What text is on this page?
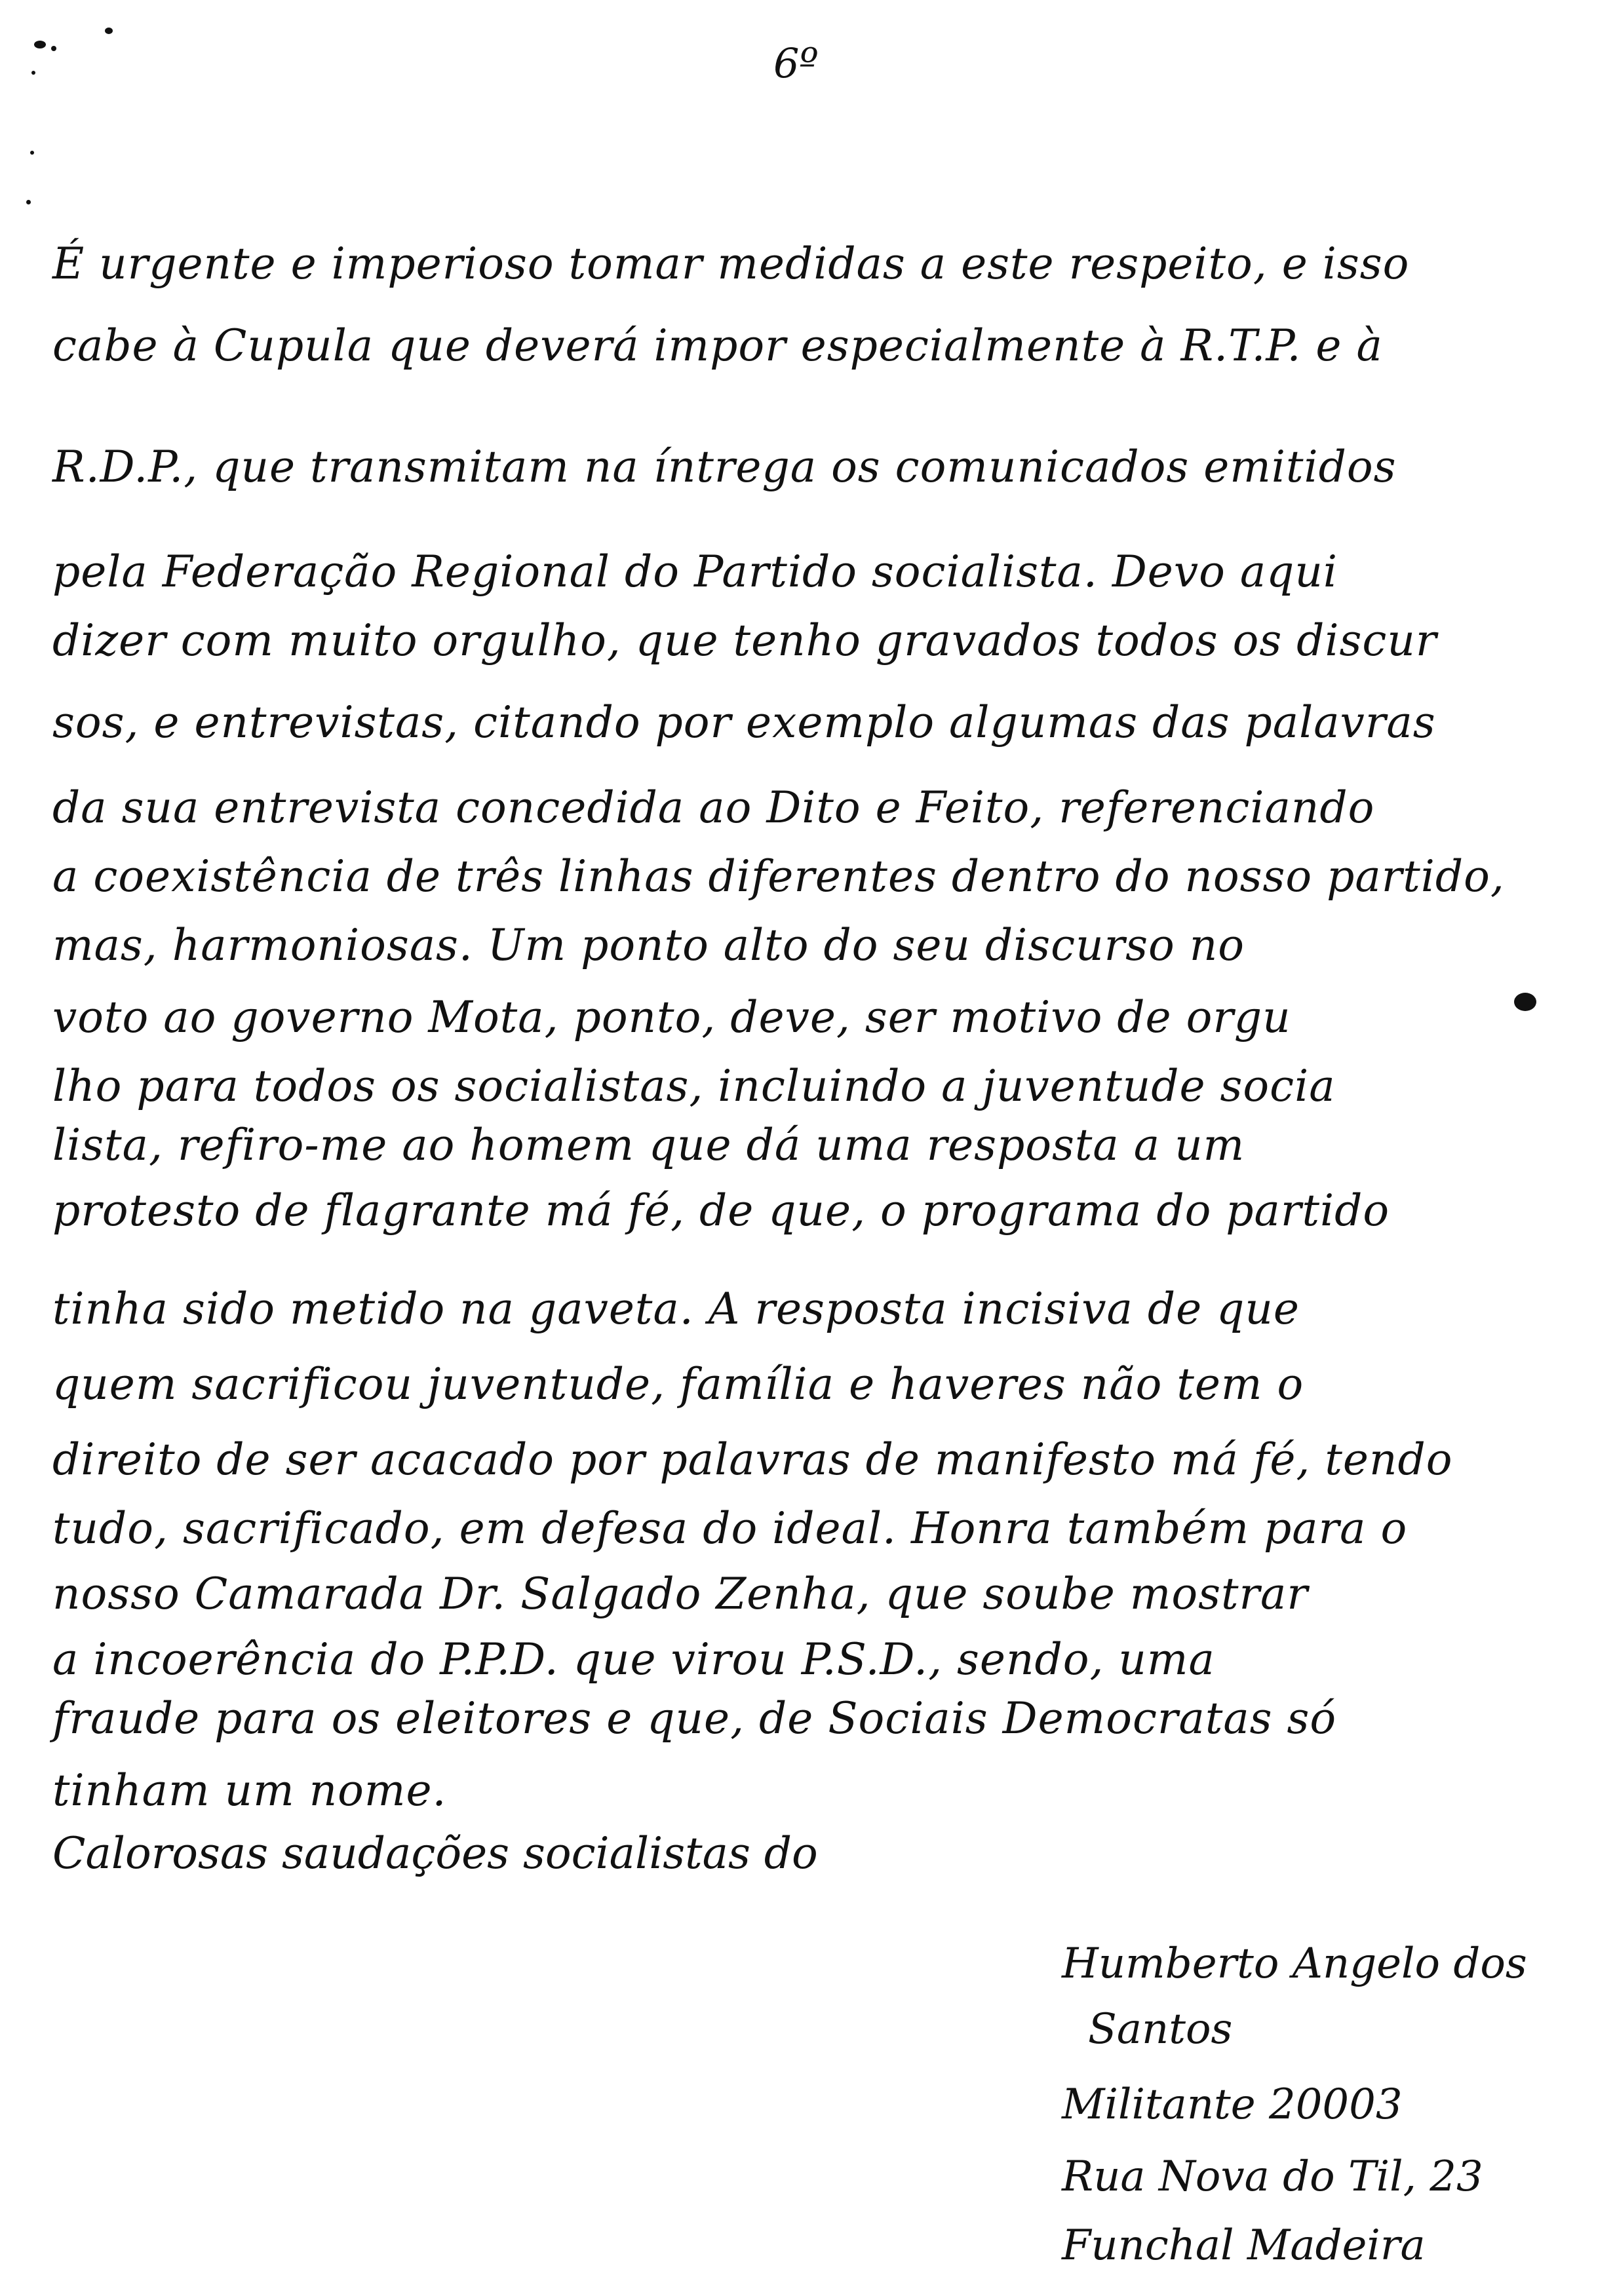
6º
É urgente e imperioso tomar medidas a este respeito, e isso
cabe à Cupula que deverá impor especialmente à R.T.P. e à
R.D.P., que transmitam na íntrega os comunicados emitidos
pela Federação Regional do Partido socialista. Devo aqui
dizer com muito orgulho, que tenho gravados todos os discur
sos, e entrevistas, citando por exemplo algumas das palavras
da sua entrevista concedida ao Dito e Feito, referenciando
a coexistência de três linhas diferentes dentro do nosso partido,
mas, harmoniosas. Um ponto alto do seu discurso no
voto ao governo Mota, ponto, deve, ser motivo de orgu
lho para todos os socialistas, incluindo a juventude socia
lista, refiro-me ao homem que dá uma resposta a um
protesto de flagrante má fé, de que, o programa do partido
tinha sido metido na gaveta. A resposta incisiva de que
quem sacrificou juventude, família e haveres não tem o
direito de ser acacado por palavras de manifesto má fé, tendo
tudo, sacrificado, em defesa do ideal. Honra também para o
nosso Camarada Dr. Salgado Zenha, que soube mostrar
a incoerência do P.P.D. que virou P.S.D., sendo, uma
fraude para os eleitores e que, de Sociais Democratas só
tinham um nome.
Calorosas saudações socialistas do
Humberto Angelo dos
Santos
Militante 20003
Rua Nova do Til, 23
Funchal Madeira
